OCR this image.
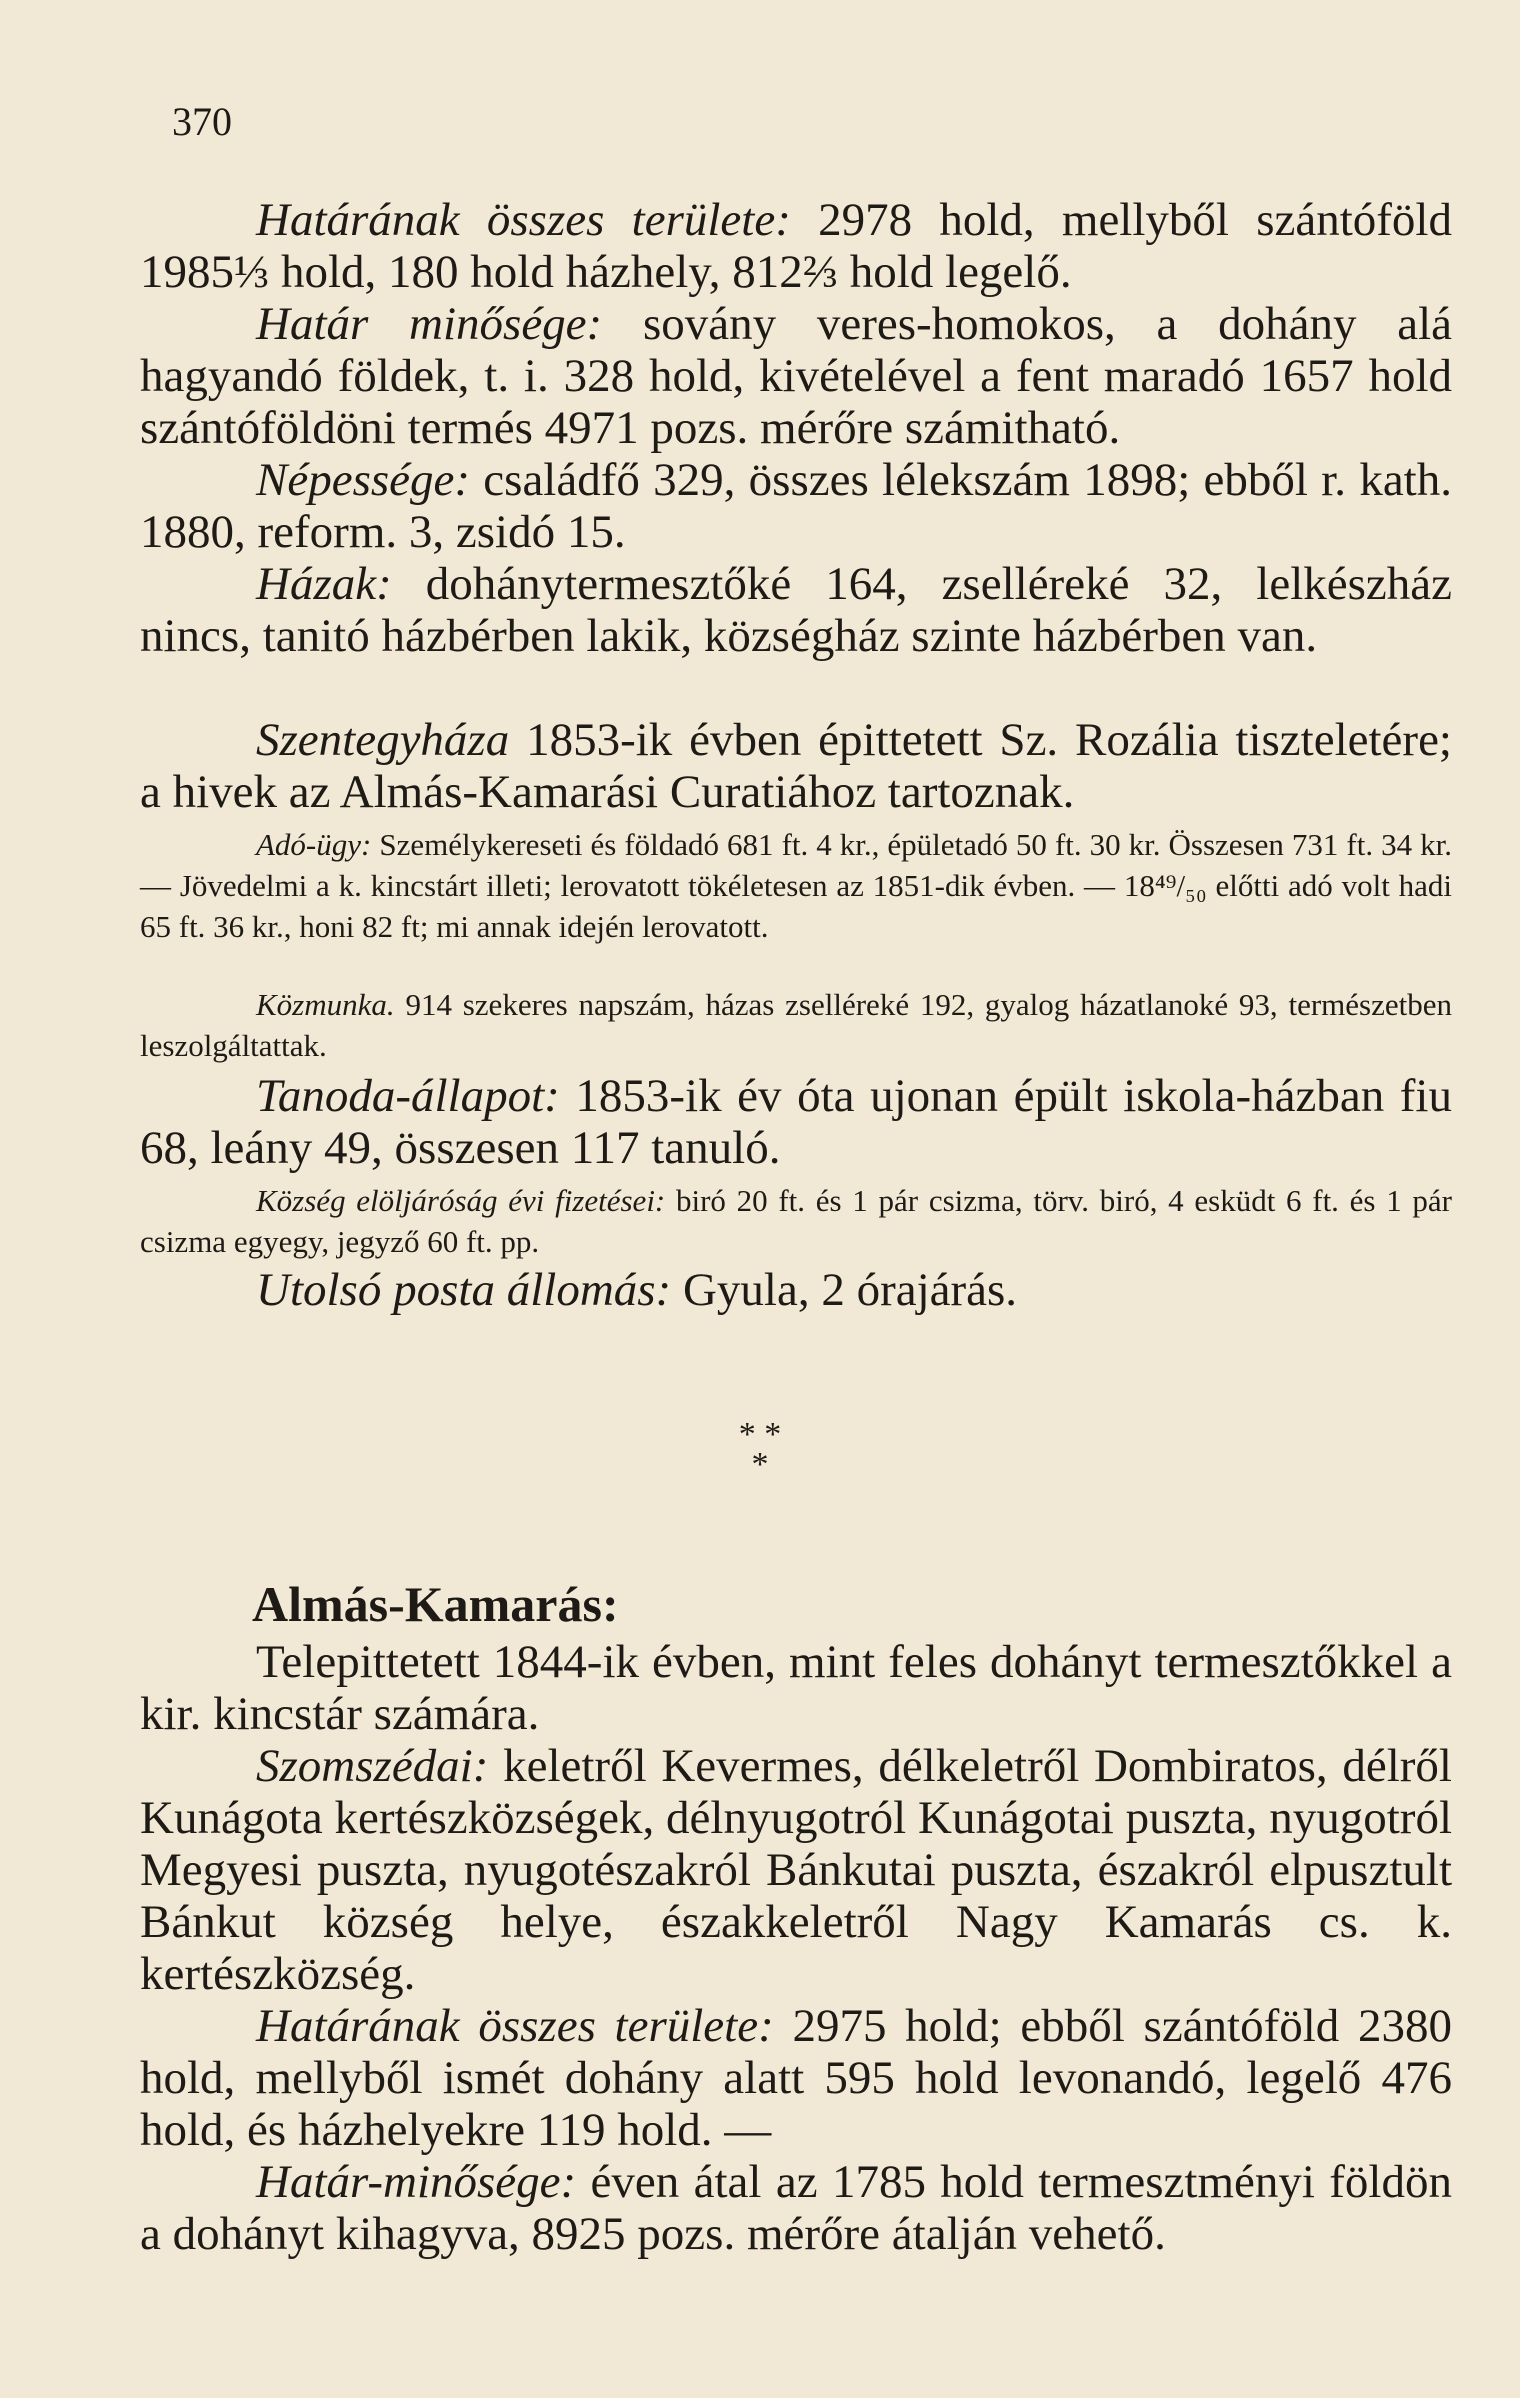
370

Határának összes területe: 2978 hold, mellyből szántóföld 1985⅓ hold, 180 hold házhely, 812⅔ hold legelő.

Határ minősége: sovány veres-homokos, a dohány alá hagyandó földek, t. i. 328 hold, kivételével a fent maradó 1657 hold szántóföldöni termés 4971 pozs. mérőre számitható.

Népessége: családfő 329, összes lélekszám 1898; ebből r. kath. 1880, reform. 3, zsidó 15.

Házak: dohánytermesztőké 164, zselléreké 32, lelkészház nincs, tanitó házbérben lakik, községház szinte házbérben van.

Szentegyháza 1853-ik évben épittetett Sz. Rozália tiszteletére; a hivek az Almás-Kamarási Curatiához tartoznak.

Adó-ügy: Személykereseti és földadó 681 ft. 4 kr., épületadó 50 ft. 30 kr. Összesen 731 ft. 34 kr. — Jövedelmi a k. kincstárt illeti; lerovatott tökéletesen az 1851-dik évben. — 18⁴⁹/₅₀ előtti adó volt hadi 65 ft. 36 kr., honi 82 ft; mi annak idején lerovatott.

Közmunka. 914 szekeres napszám, házas zselléreké 192, gyalog házatlanoké 93, természetben leszolgáltattak.

Tanoda-állapot: 1853-ik év óta ujonan épült iskola-házban fiu 68, leány 49, összesen 117 tanuló.

Község elöljáróság évi fizetései: biró 20 ft. és 1 pár csizma, törv. biró, 4 esküdt 6 ft. és 1 pár csizma egyegy, jegyző 60 ft. pp.

Utolsó posta állomás: Gyula, 2 órajárás.

* *
*
Almás-Kamarás:

Telepittetett 1844-ik évben, mint feles dohányt termesztőkkel a kir. kincstár számára.

Szomszédai: keletről Kevermes, délkeletről Dombiratos, délről Kunágota kertészközségek, délnyugotról Kunágotai puszta, nyugotról Megyesi puszta, nyugotészakról Bánkutai puszta, északról elpusztult Bánkut község helye, északkeletről Nagy Kamarás cs. k. kertészközség.

Határának összes területe: 2975 hold; ebből szántóföld 2380 hold, mellyből ismét dohány alatt 595 hold levonandó, legelő 476 hold, és házhelyekre 119 hold. —

Határ-minősége: éven átal az 1785 hold termesztményi földön a dohányt kihagyva, 8925 pozs. mérőre átalján vehető.
